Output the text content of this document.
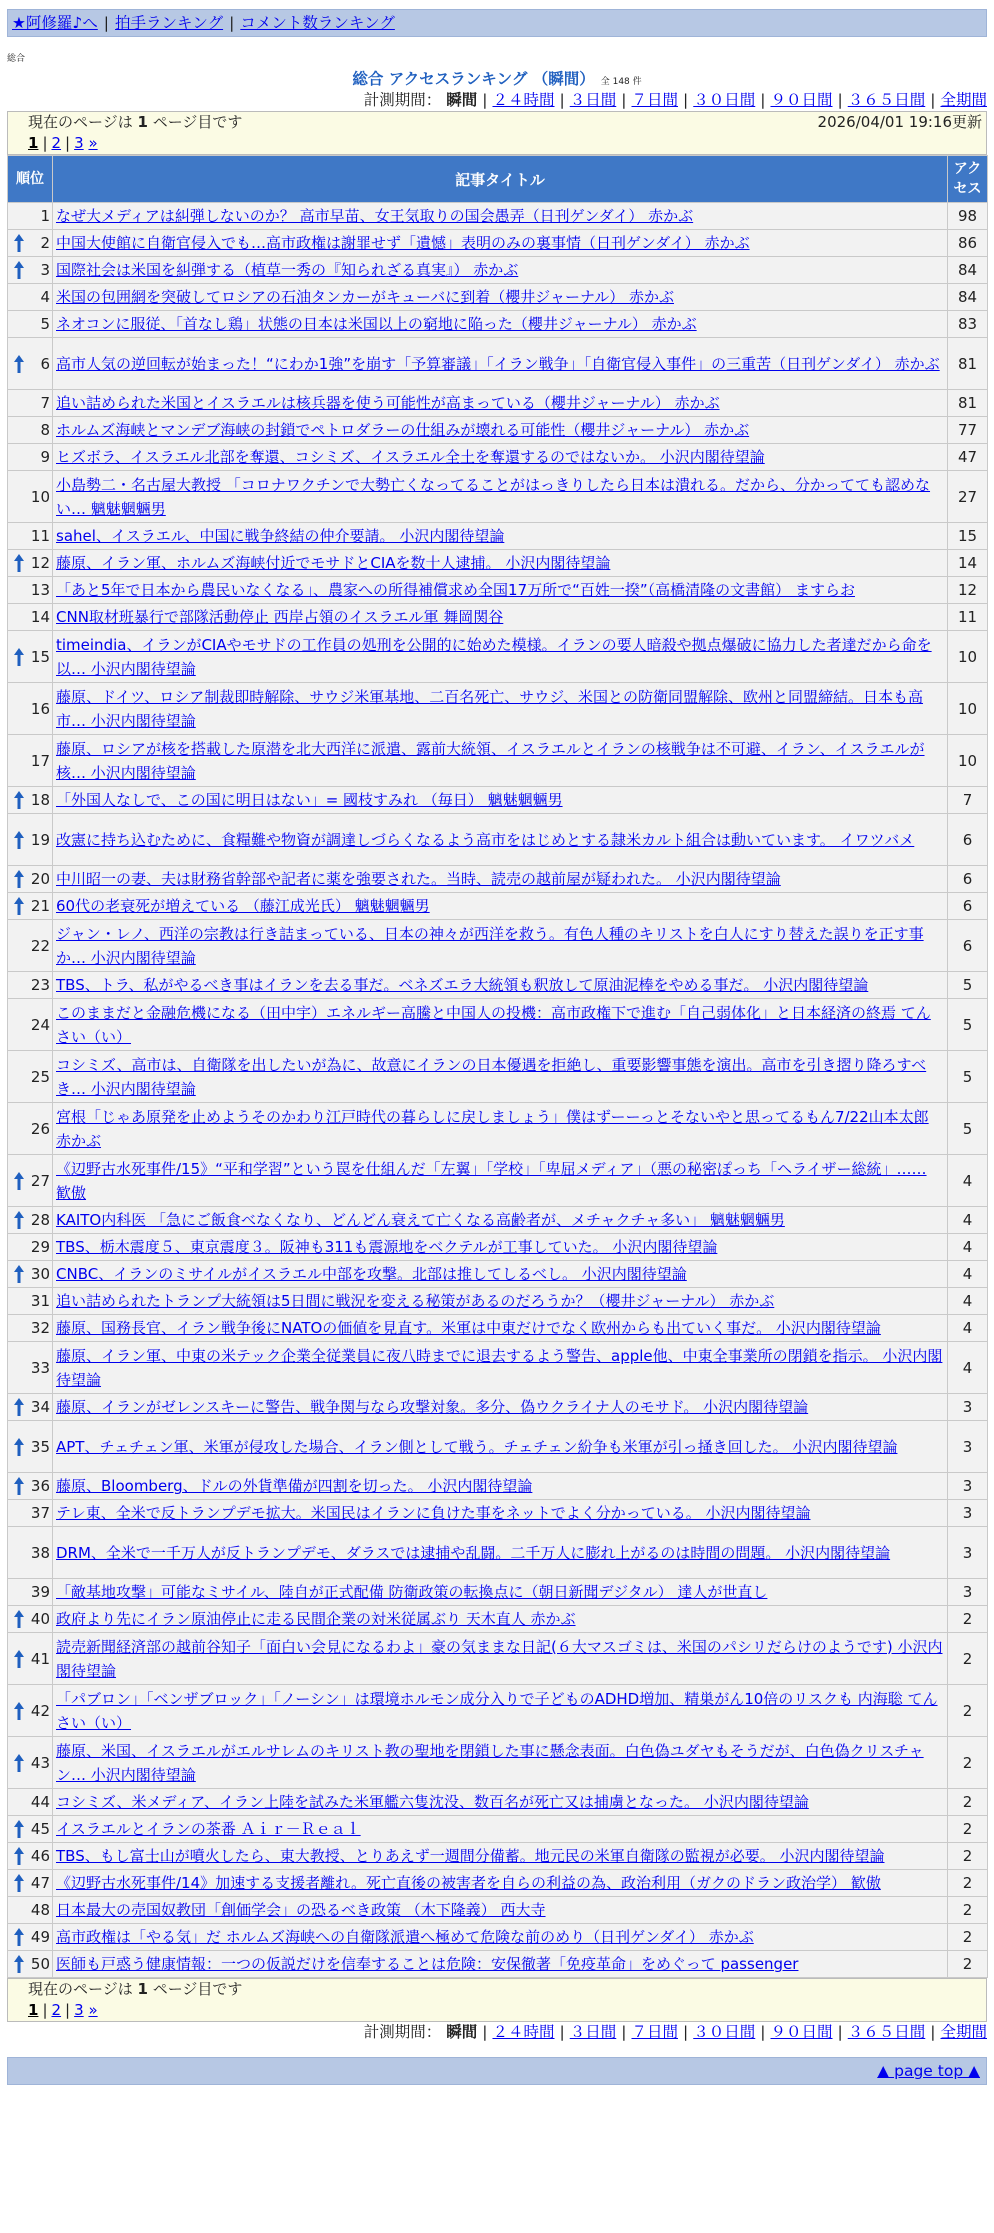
★阿修羅♪へ | 拍手ランキング | コメント数ランキング
総合
総合 アクセスランキング （瞬間） 全 148 件
計測期間： 瞬間 | ２４時間 | ３日間 | ７日間 | ３０日間 | ９０日間 | ３６５日間 | 全期間
現在のページは 1 ページ目です	2026/04/01 19:16更新
1 | 2 | 3 »
順位	記事タイトル	アクセス
1	なぜ大メディアは糾弾しないのか？ 高市早苗、女王気取りの国会愚弄（日刊ゲンダイ） 赤かぶ	98

2	中国大使館に自衛官侵入でも…高市政権は謝罪せず「遺憾」表明のみの裏事情（日刊ゲンダイ） 赤かぶ	86

3	国際社会は米国を糾弾する（植草一秀の『知られざる真実』） 赤かぶ	84
4	米国の包囲網を突破してロシアの石油タンカーがキューバに到着（櫻井ジャーナル） 赤かぶ	84
5	ネオコンに服従、「首なし鶏」状態の日本は米国以上の窮地に陥った（櫻井ジャーナル） 赤かぶ	83

6	高市人気の逆回転が始まった！“にわか1強”を崩す「予算審議」「イラン戦争」「自衛官侵入事件」の三重苦（日刊ゲンダイ） 赤かぶ	81
7	追い詰められた米国とイスラエルは核兵器を使う可能性が高まっている（櫻井ジャーナル） 赤かぶ	81
8	ホルムズ海峡とマンデブ海峡の封鎖でペトロダラーの仕組みが壊れる可能性（櫻井ジャーナル） 赤かぶ	77
9	ヒズボラ、イスラエル北部を奪還、コシミズ、イスラエル全土を奪還するのではないか。 小沢内閣待望論	47
10	小島勢二・名古屋大教授 「コロナワクチンで大勢亡くなってることがはっきりしたら日本は潰れる。だから、分かってても認めない… 魑魅魍魎男	27
11	sahel、イスラエル、中国に戦争終結の仲介要請。 小沢内閣待望論	15

12	藤原、イラン軍、ホルムズ海峡付近でモサドとCIAを数十人逮捕。 小沢内閣待望論	14
13	「あと5年で日本から農民いなくなる」、農家への所得補償求め全国17万所で“百姓一揆”（高橋清隆の文書館） ますらお	12
14	CNN取材班暴行で部隊活動停止 西岸占領のイスラエル軍 舞岡関谷	11

15	timeindia、イランがCIAやモサドの工作員の処刑を公開的に始めた模様。イランの要人暗殺や拠点爆破に協力した者達だから命を以… 小沢内閣待望論	10
16	藤原、ドイツ、ロシア制裁即時解除、サウジ米軍基地、二百名死亡、サウジ、米国との防衛同盟解除、欧州と同盟締結。日本も高市… 小沢内閣待望論	10
17	藤原、ロシアが核を搭載した原潜を北大西洋に派遣、露前大統領、イスラエルとイランの核戦争は不可避、イラン、イスラエルが核… 小沢内閣待望論	10

18	「外国人なしで、この国に明日はない」= 國枝すみれ （毎日） 魑魅魍魎男	7

19	改憲に持ち込むために、食糧難や物資が調達しづらくなるよう高市をはじめとする隷米カルト組合は動いています。 イワツバメ	6

20	中川昭一の妻、夫は財務省幹部や記者に薬を強要された。当時、読売の越前屋が疑われた。 小沢内閣待望論	6

21	60代の老衰死が増えている （藤江成光氏） 魑魅魍魎男	6
22	ジャン・レノ、西洋の宗教は行き詰まっている、日本の神々が西洋を救う。有色人種のキリストを白人にすり替えた誤りを正す事か… 小沢内閣待望論	6
23	TBS、トラ、私がやるべき事はイランを去る事だ。ベネズエラ大統領も釈放して原油泥棒をやめる事だ。 小沢内閣待望論	5
24	このままだと金融危機になる（田中宇）エネルギー高騰と中国人の投機：高市政権下で進む「自己弱体化」と日本経済の終焉 てんさい（い）	5
25	コシミズ、高市は、自衛隊を出したいが為に、故意にイランの日本優遇を拒絶し、重要影響事態を演出。高市を引き摺り降ろすべき… 小沢内閣待望論	5
26	宮根「じゃあ原発を止めようそのかわり江戸時代の暮らしに戻しましょう」僕はずーーっとそないやと思ってるもん7/22山本太郎 赤かぶ	5

27	《辺野古水死事件/15》“平和学習”という罠を仕組んだ「左翼」「学校」「卑屈メディア」（悪の秘密ぽっち「ヘライザー総統」…… 歓傲	4

28	KAITO内科医 「急にご飯食べなくなり、どんどん衰えて亡くなる高齢者が、メチャクチャ多い」 魑魅魍魎男	4
29	TBS、栃木震度５、東京震度３。阪神も311も震源地をベクテルが工事していた。 小沢内閣待望論	4

30	CNBC、イランのミサイルがイスラエル中部を攻撃。北部は推してしるべし。 小沢内閣待望論	4
31	追い詰められたトランプ大統領は5日間に戦況を変える秘策があるのだろうか？（櫻井ジャーナル） 赤かぶ	4
32	藤原、国務長官、イラン戦争後にNATOの価値を見直す。米軍は中東だけでなく欧州からも出ていく事だ。 小沢内閣待望論	4
33	藤原、イラン軍、中東の米テック企業全従業員に夜八時までに退去するよう警告、apple他、中東全事業所の閉鎖を指示。 小沢内閣待望論	4

34	藤原、イランがゼレンスキーに警告、戦争関与なら攻撃対象。多分、偽ウクライナ人のモサド。 小沢内閣待望論	3

35	APT、チェチェン軍、米軍が侵攻した場合、イラン側として戦う。チェチェン紛争も米軍が引っ掻き回した。 小沢内閣待望論	3

36	藤原、Bloomberg、ドルの外貨準備が四割を切った。 小沢内閣待望論	3
37	テレ東、全米で反トランプデモ拡大。米国民はイランに負けた事をネットでよく分かっている。 小沢内閣待望論	3
38	DRM、全米で一千万人が反トランプデモ、ダラスでは逮捕や乱闘。二千万人に膨れ上がるのは時間の問題。 小沢内閣待望論	3
39	「敵基地攻撃」可能なミサイル、陸自が正式配備 防衛政策の転換点に（朝日新聞デジタル） 達人が世直し	3

40	政府より先にイラン原油停止に走る民間企業の対米従属ぶり 天木直人 赤かぶ	2

41	読売新聞経済部の越前谷知子「面白い会見になるわよ」豪の気ままな日記(６大マスゴミは、米国のパシリだらけのようです) 小沢内閣待望論	2

42	「パブロン」「ベンザブロック」「ノーシン」は環境ホルモン成分入りで子どものADHD増加、精巣がん10倍のリスクも 内海聡 てんさい（い）	2

43	藤原、米国、イスラエルがエルサレムのキリスト教の聖地を閉鎖した事に懸念表面。白色偽ユダヤもそうだが、白色偽クリスチャン… 小沢内閣待望論	2
44	コシミズ、米メディア、イラン上陸を試みた米軍艦六隻沈没、数百名が死亡又は捕虜となった。 小沢内閣待望論	2

45	イスラエルとイランの茶番 Ａｉｒ－Ｒｅａｌ	2

46	TBS、もし富士山が噴火したら、東大教授、とりあえず一週間分備蓄。地元民の米軍自衛隊の監視が必要。 小沢内閣待望論	2

47	《辺野古水死事件/14》加速する支援者離れ。死亡直後の被害者を自らの利益の為、政治利用（ガクのドラン政治学） 歓傲	2
48	日本最大の売国奴教団「創価学会」の恐るべき政策 （木下隆義） 西大寺	2

49	高市政権は「やる気」だ ホルムズ海峡への自衛隊派遣へ極めて危険な前のめり（日刊ゲンダイ） 赤かぶ	2

50	医師も戸惑う健康情報：一つの仮説だけを信奉することは危険：安保徹著「免疫革命」をめぐって passenger	2
現在のページは 1 ページ目です
1 | 2 | 3 »
計測期間： 瞬間 | ２４時間 | ３日間 | ７日間 | ３０日間 | ９０日間 | ３６５日間 | 全期間
▲ page top ▲
